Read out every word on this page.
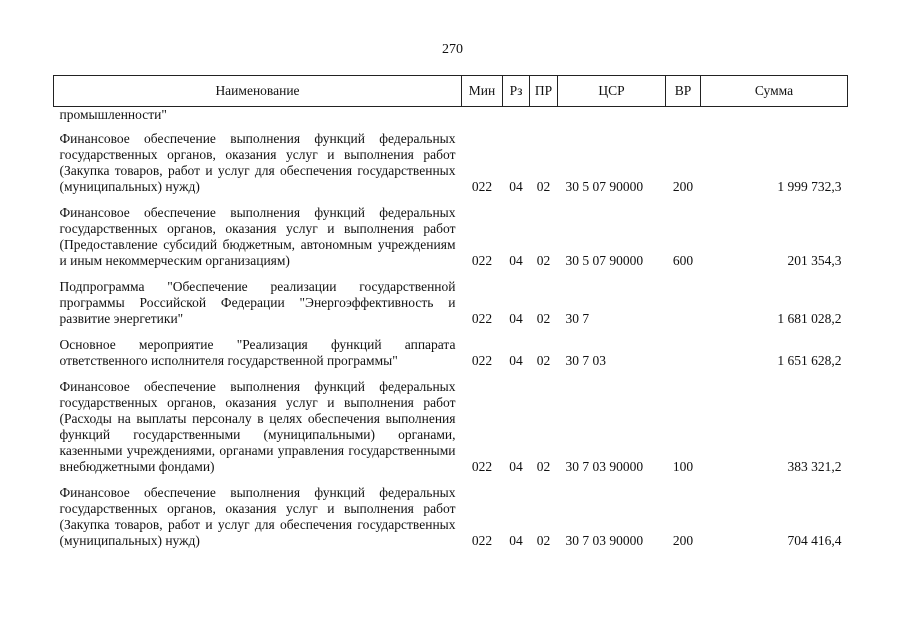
270
Наименование	Мин	Рз	ПР	ЦСР	ВР	Сумма
промышленности"						
Финансовое обеспечение выполнения функций федеральных государственных органов, оказания услуг и выполнения работ (Закупка товаров, работ и услуг для обеспечения государственных (муниципальных) нужд)	022	04	02	30 5 07 90000	200	1 999 732,3
Финансовое обеспечение выполнения функций федеральных государственных органов, оказания услуг и выполнения работ (Предоставление субсидий бюджетным, автономным учреждениям и иным некоммерческим организациям)	022	04	02	30 5 07 90000	600	201 354,3
Подпрограмма "Обеспечение реализации государственной программы Российской Федерации "Энергоэффективность и развитие энергетики"	022	04	02	30 7		1 681 028,2
Основное мероприятие "Реализация функций аппарата ответственного исполнителя государственной программы"	022	04	02	30 7 03		1 651 628,2
Финансовое обеспечение выполнения функций федеральных государственных органов, оказания услуг и выполнения работ (Расходы на выплаты персоналу в целях обеспечения выполнения функций государственными (муниципальными) органами, казенными учреждениями, органами управления государственными внебюджетными фондами)	022	04	02	30 7 03 90000	100	383 321,2
Финансовое обеспечение выполнения функций федеральных государственных органов, оказания услуг и выполнения работ (Закупка товаров, работ и услуг для обеспечения государственных (муниципальных) нужд)	022	04	02	30 7 03 90000	200	704 416,4
